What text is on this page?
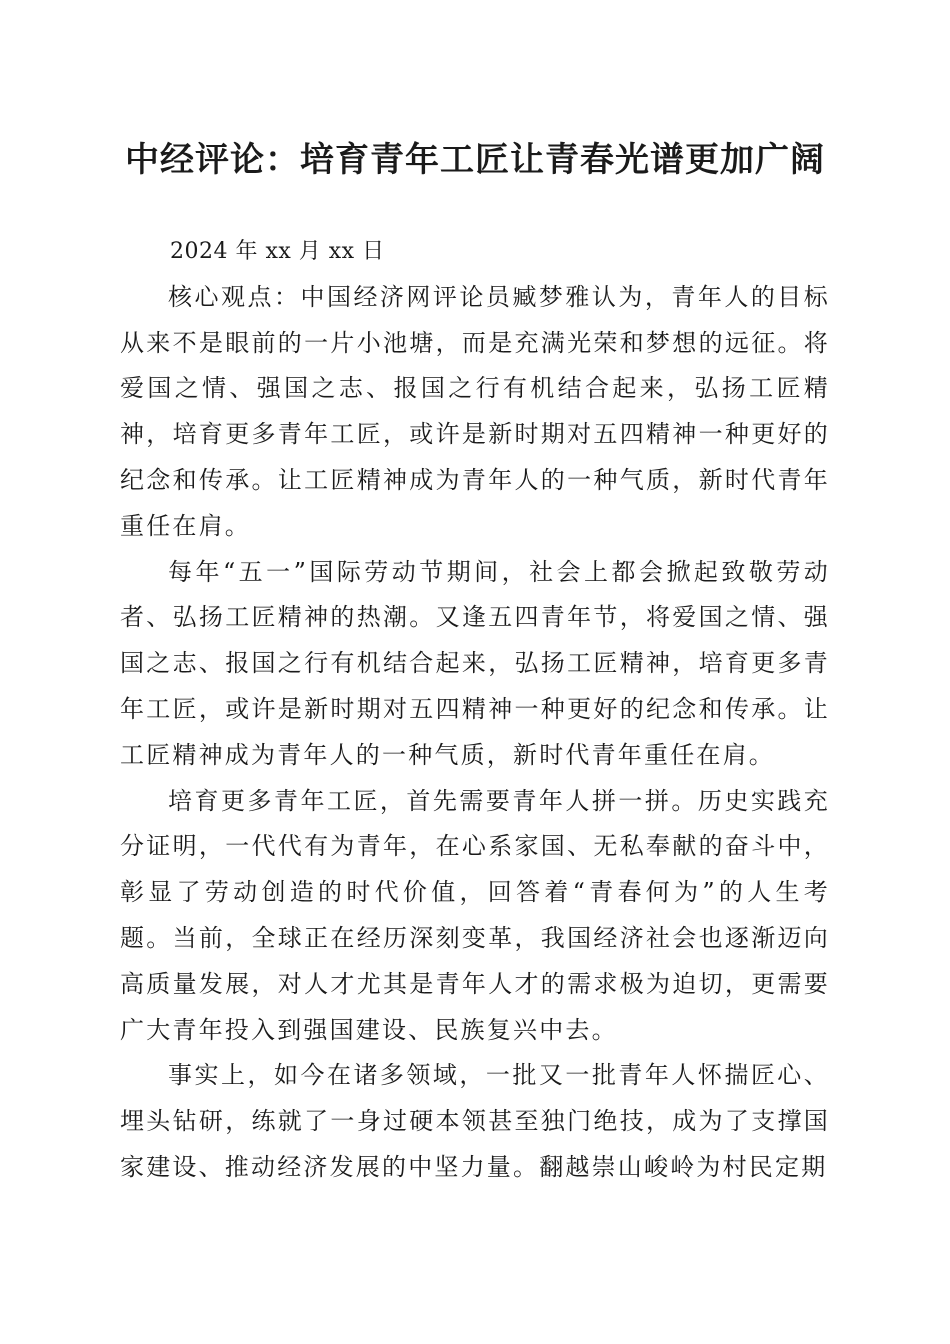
中经评论：培育青年工匠让青春光谱更加广阔

2024 年 xx 月 xx 日

核心观点：中国经济网评论员臧梦雅认为，青年人的目标从来不是眼前的一片小池塘，而是充满光荣和梦想的远征。将爱国之情、强国之志、报国之行有机结合起来，弘扬工匠精神，培育更多青年工匠，或许是新时期对五四精神一种更好的纪念和传承。让工匠精神成为青年人的一种气质，新时代青年重任在肩。

每年“五一”国际劳动节期间，社会上都会掀起致敬劳动者、弘扬工匠精神的热潮。又逢五四青年节，将爱国之情、强国之志、报国之行有机结合起来，弘扬工匠精神，培育更多青年工匠，或许是新时期对五四精神一种更好的纪念和传承。让工匠精神成为青年人的一种气质，新时代青年重任在肩。

培育更多青年工匠，首先需要青年人拼一拼。历史实践充分证明，一代代有为青年，在心系家国、无私奉献的奋斗中，彰显了劳动创造的时代价值，回答着“青春何为”的人生考题。当前，全球正在经历深刻变革，我国经济社会也逐渐迈向高质量发展，对人才尤其是青年人才的需求极为迫切，更需要广大青年投入到强国建设、民族复兴中去。

事实上，如今在诸多领域，一批又一批青年人怀揣匠心、埋头钻研，练就了一身过硬本领甚至独门绝技，成为了支撑国家建设、推动经济发展的中坚力量。翻越崇山峻岭为村民定期
